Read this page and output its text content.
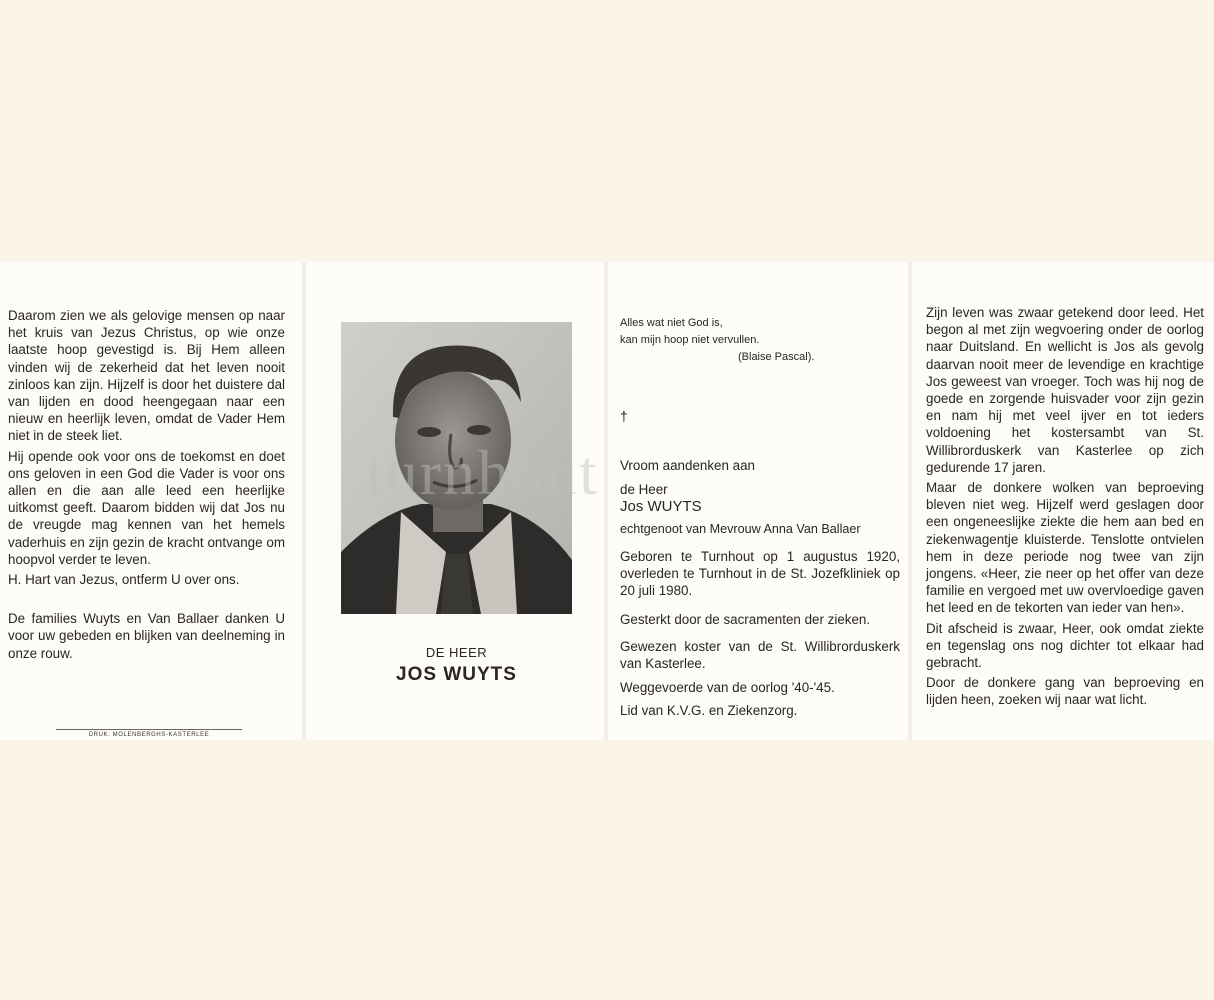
Daarom zien we als gelovige mensen op naar het kruis van Jezus Christus, op wie onze laatste hoop gevestigd is. Bij Hem alleen vinden wij de zekerheid dat het leven nooit zinloos kan zijn. Hijzelf is door het duistere dal van lijden en dood heengegaan naar een nieuw en heerlijk leven, omdat de Vader Hem niet in de steek liet.

Hij opende ook voor ons de toekomst en doet ons geloven in een God die Vader is voor ons allen en die aan alle leed een heerlijke uitkomst geeft. Daarom bidden wij dat Jos nu de vreugde mag kennen van het hemels vaderhuis en zijn gezin de kracht ontvange om hoopvol verder te leven.

H. Hart van Jezus, ontferm U over ons.

De families Wuyts en Van Ballaer danken U voor uw gebeden en blijken van deelneming in onze rouw.

DRUK. MOLENBERGHS-KASTERLEE
turnhout
DE HEER
JOS WUYTS
Alles wat niet God is,
kan mijn hoop niet vervullen.
(Blaise Pascal).
†
Vroom aandenken aan
de Heer
Jos WUYTS
echtgenoot van Mevrouw Anna Van Ballaer
Geboren te Turnhout op 1 augustus 1920, overleden te Turnhout in de St. Jozefkliniek op 20 juli 1980.
Gesterkt door de sacramenten der zieken.
Gewezen koster van de St. Willibrorduskerk van Kasterlee.
Weggevoerde van de oorlog '40-'45.
Lid van K.V.G. en Ziekenzorg.

Zijn leven was zwaar getekend door leed. Het begon al met zijn wegvoering onder de oorlog naar Duitsland. En wellicht is Jos als gevolg daarvan nooit meer de levendige en krachtige Jos geweest van vroeger. Toch was hij nog de goede en zorgende huisvader voor zijn gezin en nam hij met veel ijver en tot ieders voldoening het kostersambt van St. Willibrorduskerk van Kasterlee op zich gedurende 17 jaren.

Maar de donkere wolken van beproeving bleven niet weg. Hijzelf werd geslagen door een ongeneeslijke ziekte die hem aan bed en ziekenwagentje kluisterde. Tenslotte ontvielen hem in deze periode nog twee van zijn jongens. «Heer, zie neer op het offer van deze familie en vergoed met uw overvloedige gaven het leed en de tekorten van ieder van hen».

Dit afscheid is zwaar, Heer, ook omdat ziekte en tegenslag ons nog dichter tot elkaar had gebracht.

Door de donkere gang van beproeving en lijden heen, zoeken wij naar wat licht.
